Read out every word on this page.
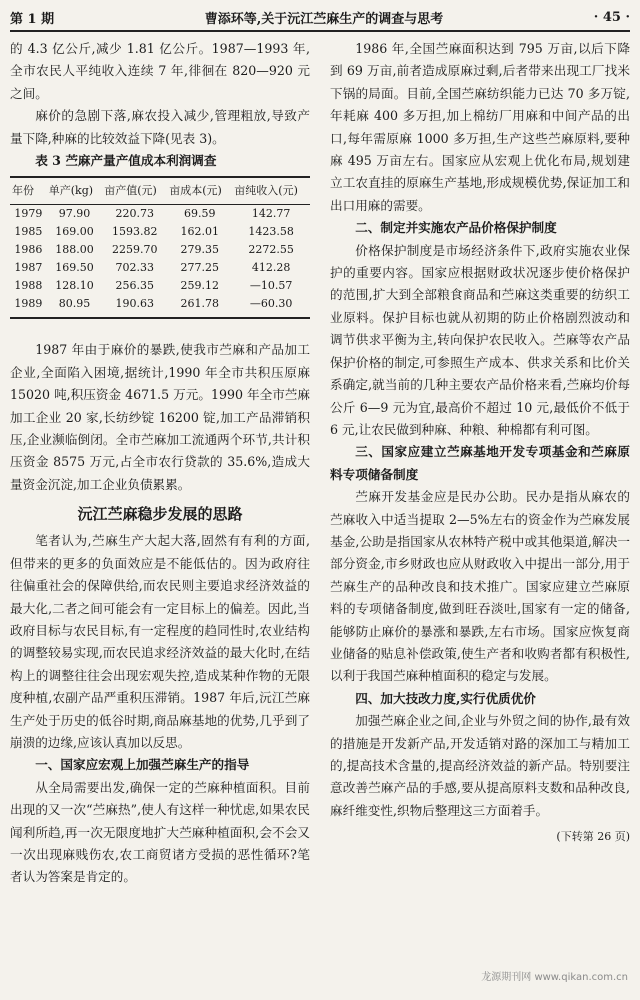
第 1 期	曹添环等,关于沅江苎麻生产的调查与思考	· 45 ·

的 4.3 亿公斤,减少 1.81 亿公斤。1987—1993 年,全市农民人平纯收入连续 7 年,徘徊在 820—920 元之间。

麻价的急剧下落,麻农投入减少,管理粗放,导致产量下降,种麻的比较效益下降(见表 3)。

表 3 苎麻产量产值成本利润调查

年份	单产(kg)	亩产值(元)	亩成本(元)	亩纯收入(元)
1979	97.90	220.73	69.59	142.77
1985	169.00	1593.82	162.01	1423.58
1986	188.00	2259.70	279.35	2272.55
1987	169.50	702.33	277.25	412.28
1988	128.10	256.35	259.12	—10.57
1989	80.95	190.63	261.78	—60.30

1987 年由于麻价的暴跌,使我市苎麻和产品加工企业,全面陷入困境,据统计,1990 年全市共积压原麻 15020 吨,积压资金 4671.5 万元。1990 年全市苎麻加工企业 20 家,长纺纱锭 16200 锭,加工产品滞销积压,企业濒临倒闭。全市苎麻加工流通两个环节,共计积压资金 8575 万元,占全市农行贷款的 35.6%,造成大量资金沉淀,加工企业负债累累。

沅江苎麻稳步发展的思路

笔者认为,苎麻生产大起大落,固然有有利的方面,但带来的更多的负面效应是不能低估的。因为政府往往偏重社会的保障供给,而农民则主要追求经济效益的最大化,二者之间可能会有一定目标上的偏差。因此,当政府目标与农民目标,有一定程度的趋同性时,农业结构的调整较易实现,而农民追求经济效益的最大化时,在结构上的调整往往会出现宏观失控,造成某种作物的无限度种植,农副产品严重积压滞销。1987 年后,沅江苎麻生产处于历史的低谷时期,商品麻基地的优势,几乎到了崩溃的边缘,应该认真加以反思。

一、国家应宏观上加强苎麻生产的指导

从全局需要出发,确保一定的苎麻种植面积。目前出现的又一次“苎麻热”,使人有这样一种忧虑,如果农民闻利所趋,再一次无限度地扩大苎麻种植面积,会不会又一次出现麻贱伤农,农工商贸诸方受损的恶性循环?笔者认为答案是肯定的。

1986 年,全国苎麻面积达到 795 万亩,以后下降到 69 万亩,前者造成原麻过剩,后者带来出现工厂找米下锅的局面。目前,全国苎麻纺织能力已达 70 多万锭,年耗麻 400 多万担,加上棉纺厂用麻和中间产品的出口,每年需原麻 1000 多万担,生产这些苎麻原料,要种麻 495 万亩左右。国家应从宏观上优化布局,规划建立工农直挂的原麻生产基地,形成规模优势,保证加工和出口用麻的需要。

二、制定并实施农产品价格保护制度

价格保护制度是市场经济条件下,政府实施农业保护的重要内容。国家应根据财政状况逐步使价格保护的范围,扩大到全部粮食商品和苎麻这类重要的纺织工业原料。保护目标也就从初期的防止价格剧烈波动和调节供求平衡为主,转向保护农民收入。苎麻等农产品保护价格的制定,可参照生产成本、供求关系和比价关系确定,就当前的几种主要农产品价格来看,苎麻均价每公斤 6—9 元为宜,最高价不超过 10 元,最低价不低于 6 元,让农民做到种麻、种粮、种棉都有利可图。

三、国家应建立苎麻基地开发专项基金和苎麻原料专项储备制度

苎麻开发基金应是民办公助。民办是指从麻农的苎麻收入中适当提取 2—5%左右的资金作为苎麻发展基金,公助是指国家从农林特产税中或其他渠道,解决一部分资金,市乡财政也应从财政收入中提出一部分,用于苎麻生产的品种改良和技术推广。国家应建立苎麻原料的专项储备制度,做到旺吞淡吐,国家有一定的储备,能够防止麻价的暴涨和暴跌,左右市场。国家应恢复商业储备的贴息补偿政策,使生产者和收购者都有积极性,以利于我国苎麻种植面积的稳定与发展。

四、加大技改力度,实行优质优价

加强苎麻企业之间,企业与外贸之间的协作,最有效的措施是开发新产品,开发适销对路的深加工与精加工的,提高技术含量的,提高经济效益的新产品。特别要注意改善苎麻产品的手感,要从提高原料支数和品种改良,麻纤维变性,织物后整理这三方面着手。

(下转第 26 页)
龙源期刊网 www.qikan.com.cn
